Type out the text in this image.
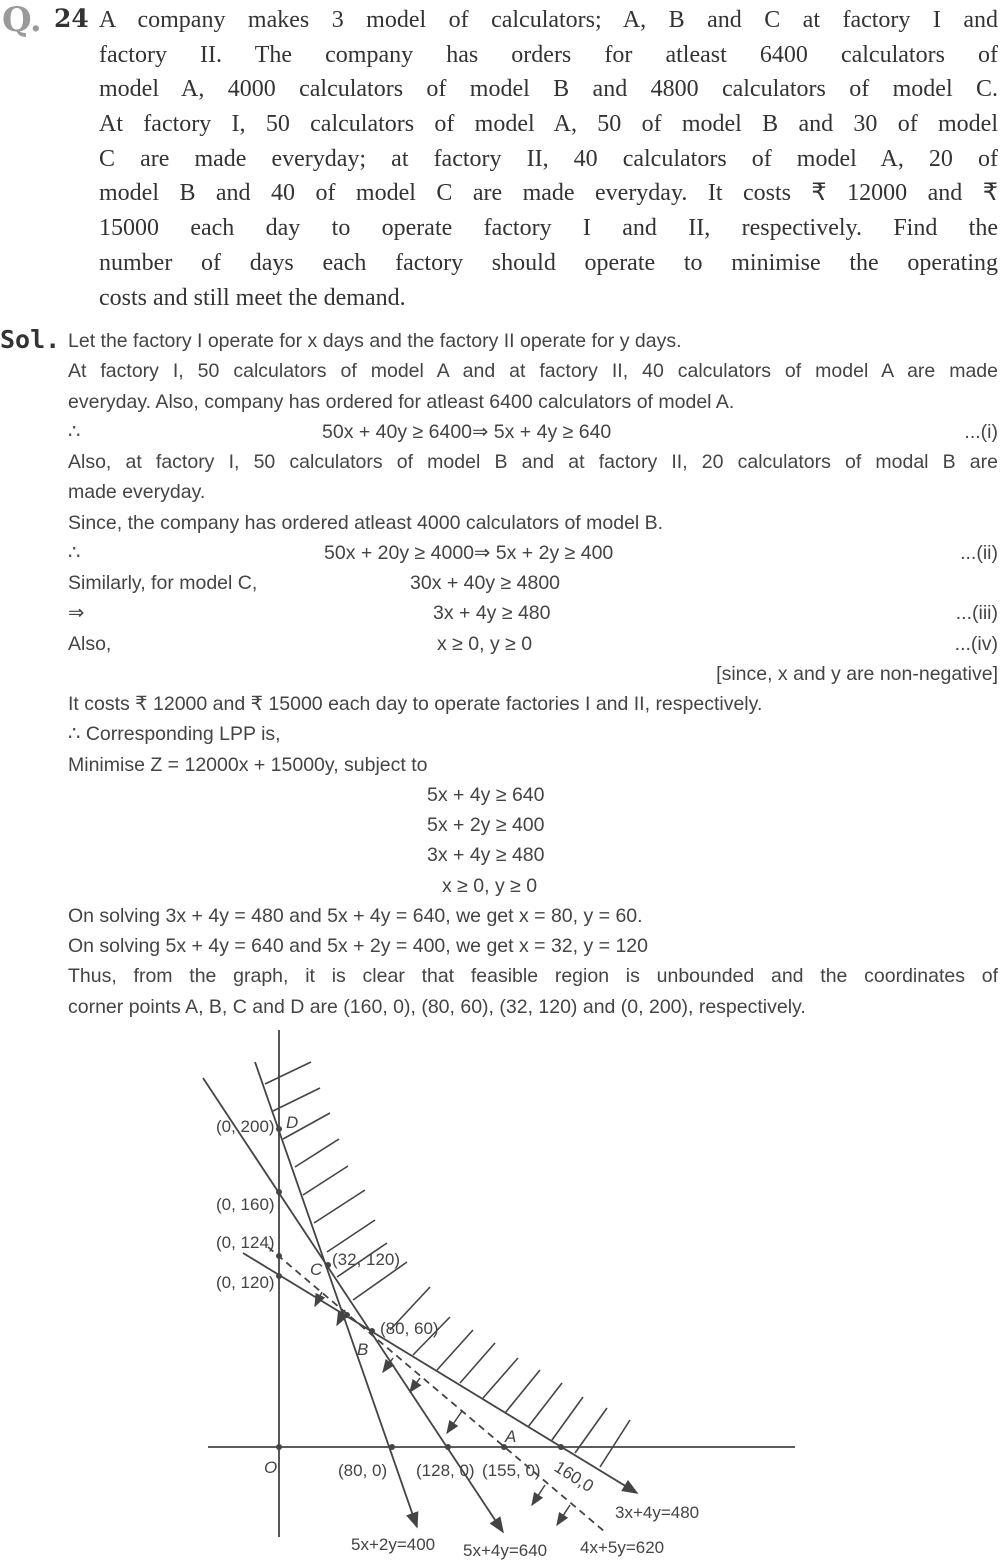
Q. 24 A company makes 3 model of calculators; A, B and C at factory I and
factory II. The company has orders for atleast 6400 calculators of
model A, 4000 calculators of model B and 4800 calculators of model C.
At factory I, 50 calculators of model A, 50 of model B and 30 of model
C are made everyday; at factory II, 40 calculators of model A, 20 of
model B and 40 of model C are made everyday. It costs ₹ 12000 and ₹
15000 each day to operate factory I and II, respectively. Find the
number of days each factory should operate to minimise the operating
costs and still meet the demand.
Sol. Let the factory I operate for x days and the factory II operate for y days.
At factory I, 50 calculators of model A and at factory II, 40 calculators of model A are made
everyday. Also, company has ordered for atleast 6400 calculators of model A.
∴	50x + 40y ≥ 6400⇒ 5x + 4y ≥ 640	...(i)
Also, at factory I, 50 calculators of model B and at factory II, 20 calculators of modal B are
made everyday.
Since, the company has ordered atleast 4000 calculators of model B.
∴	50x + 20y ≥ 4000⇒ 5x + 2y ≥ 400	...(ii)
Similarly, for model C,	30x + 40y ≥ 4800
⇒	3x + 4y ≥ 480	...(iii)
Also,	x ≥ 0, y ≥ 0	...(iv)
[since, x and y are non-negative]
It costs ₹ 12000 and ₹ 15000 each day to operate factories I and II, respectively.
∴ Corresponding LPP is,
Minimise Z = 12000x + 15000y, subject to
5x + 4y ≥ 640
5x + 2y ≥ 400
3x + 4y ≥ 480
x ≥ 0, y ≥ 0
On solving 3x + 4y = 480 and 5x + 4y = 640, we get x = 80, y = 60.
On solving 5x + 4y = 640 and 5x + 2y = 400, we get x = 32, y = 120
Thus, from the graph, it is clear that feasible region is unbounded and the coordinates of
corner points A, B, C and D are (160, 0), (80, 60), (32, 120) and (0, 200), respectively.
O
D
C
B
A
(0, 200)
(0, 160)
(0, 124)
(0, 120)
(32, 120)
(80, 60)
(80, 0) (128, 0) (155, 0) 160,0
5x+2y=400 5x+4y=640 4x+5y=620
3x+4y=480
